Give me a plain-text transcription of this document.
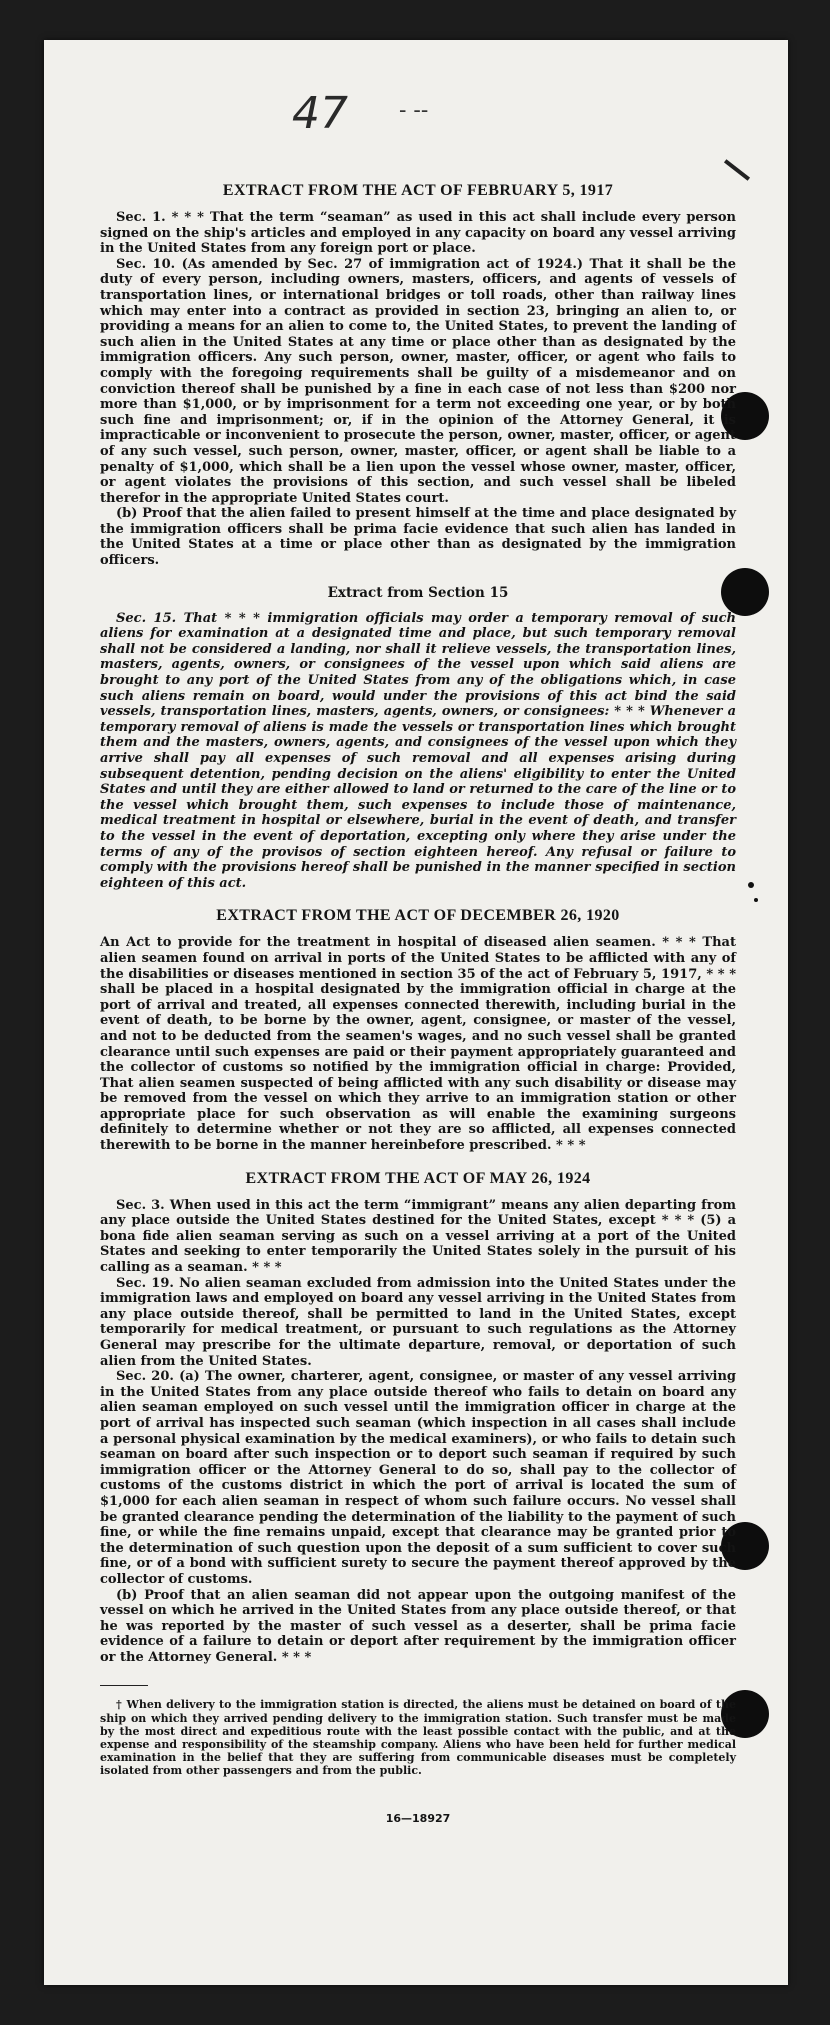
47 - --
EXTRACT FROM THE ACT OF FEBRUARY 5, 1917

Sec. 1. * * * That the term “seaman” as used in this act shall include every person signed on the ship's articles and employed in any capacity on board any vessel arriving in the United States from any foreign port or place.

Sec. 10. (As amended by Sec. 27 of immigration act of 1924.) That it shall be the duty of every person, including owners, masters, officers, and agents of vessels of transportation lines, or international bridges or toll roads, other than railway lines which may enter into a contract as provided in section 23, bringing an alien to, or providing a means for an alien to come to, the United States, to prevent the landing of such alien in the United States at any time or place other than as designated by the immigration officers. Any such person, owner, master, officer, or agent who fails to comply with the foregoing requirements shall be guilty of a misdemeanor and on conviction thereof shall be punished by a fine in each case of not less than $200 nor more than $1,000, or by imprisonment for a term not exceeding one year, or by both such fine and imprisonment; or, if in the opinion of the Attorney General, it is impracticable or inconvenient to prosecute the person, owner, master, officer, or agent of any such vessel, such person, owner, master, officer, or agent shall be liable to a penalty of $1,000, which shall be a lien upon the vessel whose owner, master, officer, or agent violates the provisions of this section, and such vessel shall be libeled therefor in the appropriate United States court.

(b) Proof that the alien failed to present himself at the time and place designated by the immigration officers shall be prima facie evidence that such alien has landed in the United States at a time or place other than as designated by the immigration officers.

Extract from Section 15

Sec. 15. That * * * immigration officials may order a temporary removal of such aliens for examination at a designated time and place, but such temporary removal shall not be considered a landing, nor shall it relieve vessels, the transportation lines, masters, agents, owners, or consignees of the vessel upon which said aliens are brought to any port of the United States from any of the obligations which, in case such aliens remain on board, would under the provisions of this act bind the said vessels, transportation lines, masters, agents, owners, or consignees: * * * Whenever a temporary removal of aliens is made the vessels or transportation lines which brought them and the masters, owners, agents, and consignees of the vessel upon which they arrive shall pay all expenses of such removal and all expenses arising during subsequent detention, pending decision on the aliens' eligibility to enter the United States and until they are either allowed to land or returned to the care of the line or to the vessel which brought them, such expenses to include those of maintenance, medical treatment in hospital or elsewhere, burial in the event of death, and transfer to the vessel in the event of deportation, excepting only where they arise under the terms of any of the provisos of section eighteen hereof. Any refusal or failure to comply with the provisions hereof shall be punished in the manner specified in section eighteen of this act.

EXTRACT FROM THE ACT OF DECEMBER 26, 1920

An Act to provide for the treatment in hospital of diseased alien seamen. * * * That alien seamen found on arrival in ports of the United States to be afflicted with any of the disabilities or diseases mentioned in section 35 of the act of February 5, 1917, * * * shall be placed in a hospital designated by the immigration official in charge at the port of arrival and treated, all expenses connected therewith, including burial in the event of death, to be borne by the owner, agent, consignee, or master of the vessel, and not to be deducted from the seamen's wages, and no such vessel shall be granted clearance until such expenses are paid or their payment appropriately guaranteed and the collector of customs so notified by the immigration official in charge: Provided, That alien seamen suspected of being afflicted with any such disability or disease may be removed from the vessel on which they arrive to an immigration station or other appropriate place for such observation as will enable the examining surgeons definitely to determine whether or not they are so afflicted, all expenses connected therewith to be borne in the manner hereinbefore prescribed. * * *

EXTRACT FROM THE ACT OF MAY 26, 1924

Sec. 3. When used in this act the term “immigrant” means any alien departing from any place outside the United States destined for the United States, except * * * (5) a bona fide alien seaman serving as such on a vessel arriving at a port of the United States and seeking to enter temporarily the United States solely in the pursuit of his calling as a seaman. * * *

Sec. 19. No alien seaman excluded from admission into the United States under the immigration laws and employed on board any vessel arriving in the United States from any place outside thereof, shall be permitted to land in the United States, except temporarily for medical treatment, or pursuant to such regulations as the Attorney General may prescribe for the ultimate departure, removal, or deportation of such alien from the United States.

Sec. 20. (a) The owner, charterer, agent, consignee, or master of any vessel arriving in the United States from any place outside thereof who fails to detain on board any alien seaman employed on such vessel until the immigration officer in charge at the port of arrival has inspected such seaman (which inspection in all cases shall include a personal physical examination by the medical examiners), or who fails to detain such seaman on board after such inspection or to deport such seaman if required by such immigration officer or the Attorney General to do so, shall pay to the collector of customs of the customs district in which the port of arrival is located the sum of $1,000 for each alien seaman in respect of whom such failure occurs. No vessel shall be granted clearance pending the determination of the liability to the payment of such fine, or while the fine remains unpaid, except that clearance may be granted prior to the determination of such question upon the deposit of a sum sufficient to cover such fine, or of a bond with sufficient surety to secure the payment thereof approved by the collector of customs.

(b) Proof that an alien seaman did not appear upon the outgoing manifest of the vessel on which he arrived in the United States from any place outside thereof, or that he was reported by the master of such vessel as a deserter, shall be prima facie evidence of a failure to detain or deport after requirement by the immigration officer or the Attorney General. * * *

† When delivery to the immigration station is directed, the aliens must be detained on board of the ship on which they arrived pending delivery to the immigration station. Such transfer must be made by the most direct and expeditious route with the least possible contact with the public, and at the expense and responsibility of the steamship company. Aliens who have been held for further medical examination in the belief that they are suffering from communicable diseases must be completely isolated from other passengers and from the public.

16—18927
